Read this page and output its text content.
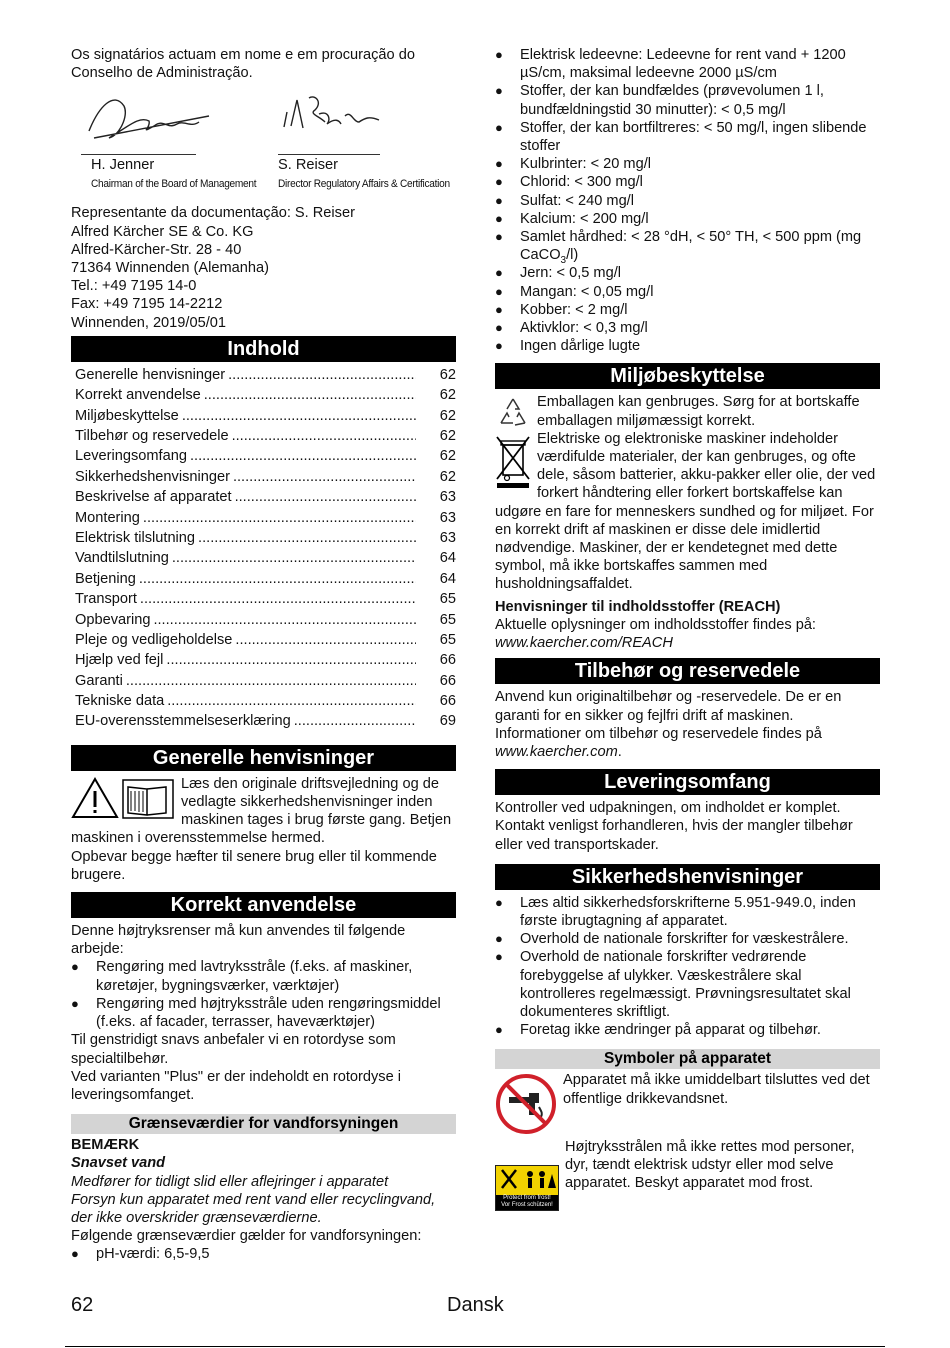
Os signatários actuam em nome e em procuração do Conselho de Administração.

H. Jenner
Chairman of the Board of Management
S. Reiser
Director Regulatory Affairs & Certification

Representante da documentação: S. Reiser

Alfred Kärcher SE & Co. KG

Alfred-Kärcher-Str. 28 - 40

71364 Winnenden (Alemanha)

Tel.: +49 7195 14-0

Fax: +49 7195 14-2212

Winnenden, 2019/05/01

Indhold
Generelle henvisninger .....	62
Korrekt anvendelse .....	62
Miljøbeskyttelse .....	62
Tilbehør og reservedele .....	62
Leveringsomfang .....	62
Sikkerhedshenvisninger .....	62
Beskrivelse af apparatet .....	63
Montering .....	63
Elektrisk tilslutning .....	63
Vandtilslutning .....	64
Betjening .....	64
Transport .....	65
Opbevaring .....	65
Pleje og vedligeholdelse .....	65
Hjælp ved fejl .....	66
Garanti .....	66
Tekniske data .....	66
EU-overensstemmelseserklæring .....	69
Generelle henvisninger

Læs den originale driftsvejledning og de vedlagte sikkerhedshenvisninger inden maskinen tages i brug første gang. Betjen maskinen i overensstemmelse hermed.

Opbevar begge hæfter til senere brug eller til kommende brugere.

Korrekt anvendelse

Denne højtryksrenser må kun anvendes til følgende arbejde:

● Rengøring med lavtryksstråle (f.eks. af maskiner, køretøjer, bygningsværker, værktøjer)
● Rengøring med højtryksstråle uden rengøringsmiddel (f.eks. af facader, terrasser, haveværktøjer)

Til genstridigt snavs anbefaler vi en rotordyse som specialtilbehør.

Ved varianten "Plus" er der indeholdt en rotordyse i leveringsomfanget.

Grænseværdier for vandforsyningen

BEMÆRK

Snavset vand

Medfører for tidligt slid eller aflejringer i apparatet

Forsyn kun apparatet med rent vand eller recyclingvand, der ikke overskrider grænseværdierne.

Følgende grænseværdier gælder for vandforsyningen:

● pH-værdi: 6,5-9,5
● Elektrisk ledeevne: Ledeevne for rent vand + 1200 µS/cm, maksimal ledeevne 2000 µS/cm
● Stoffer, der kan bundfældes (prøvevolumen 1 l, bundfældningstid 30 minutter): < 0,5 mg/l
● Stoffer, der kan bortfiltreres: < 50 mg/l, ingen slibende stoffer
● Kulbrinter: < 20 mg/l
● Chlorid: < 300 mg/l
● Sulfat: < 240 mg/l
● Kalcium: < 200 mg/l
● Samlet hårdhed: < 28 °dH, < 50° TH, < 500 ppm (mg CaCO$_3$/l)
● Jern: < 0,5 mg/l
● Mangan: < 0,05 mg/l
● Kobber: < 2 mg/l
● Aktivklor: < 0,3 mg/l
● Ingen dårlige lugte
Miljøbeskyttelse

Emballagen kan genbruges. Sørg for at bortskaffe emballagen miljømæssigt korrekt.

Elektriske og elektroniske maskiner indeholder værdifulde materialer, der kan genbruges, og ofte dele, såsom batterier, akku-pakker eller olie, der ved forkert håndtering eller forkert bortskaffelse kan udgøre en fare for menneskers sundhed og for miljøet. For en korrekt drift af maskinen er disse dele imidlertid nødvendige. Maskiner, der er kendetegnet med dette symbol, må ikke bortskaffes sammen med husholdningsaffaldet.

Henvisninger til indholdsstoffer (REACH)

Aktuelle oplysninger om indholdsstoffer findes på:

www.kaercher.com/REACH

Tilbehør og reservedele

Anvend kun originaltilbehør og -reservedele. De er en garanti for en sikker og fejlfri drift af maskinen.

Informationer om tilbehør og reservedele findes på

www.kaercher.com.

Leveringsomfang

Kontroller ved udpakningen, om indholdet er komplet. Kontakt venligst forhandleren, hvis der mangler tilbehør eller ved transportskader.

Sikkerhedshenvisninger
● Læs altid sikkerhedsforskrifterne 5.951-949.0, inden første ibrugtagning af apparatet.
● Overhold de nationale forskrifter for væskestrålere.
● Overhold de nationale forskrifter vedrørende forebyggelse af ulykker. Væskestrålere skal kontrolleres regelmæssigt. Prøvningsresultatet skal dokumenteres skriftligt.
● Foretag ikke ændringer på apparat og tilbehør.
Symboler på apparatet

Apparatet må ikke umiddelbart tilsluttes ved det offentlige drikkevandsnet.

Protect from frost!
Vor Frost schützen!

Højtryksstrålen må ikke rettes mod personer, dyr, tændt elektrisk udstyr eller mod selve apparatet. Beskyt apparatet mod frost.

62	Dansk
